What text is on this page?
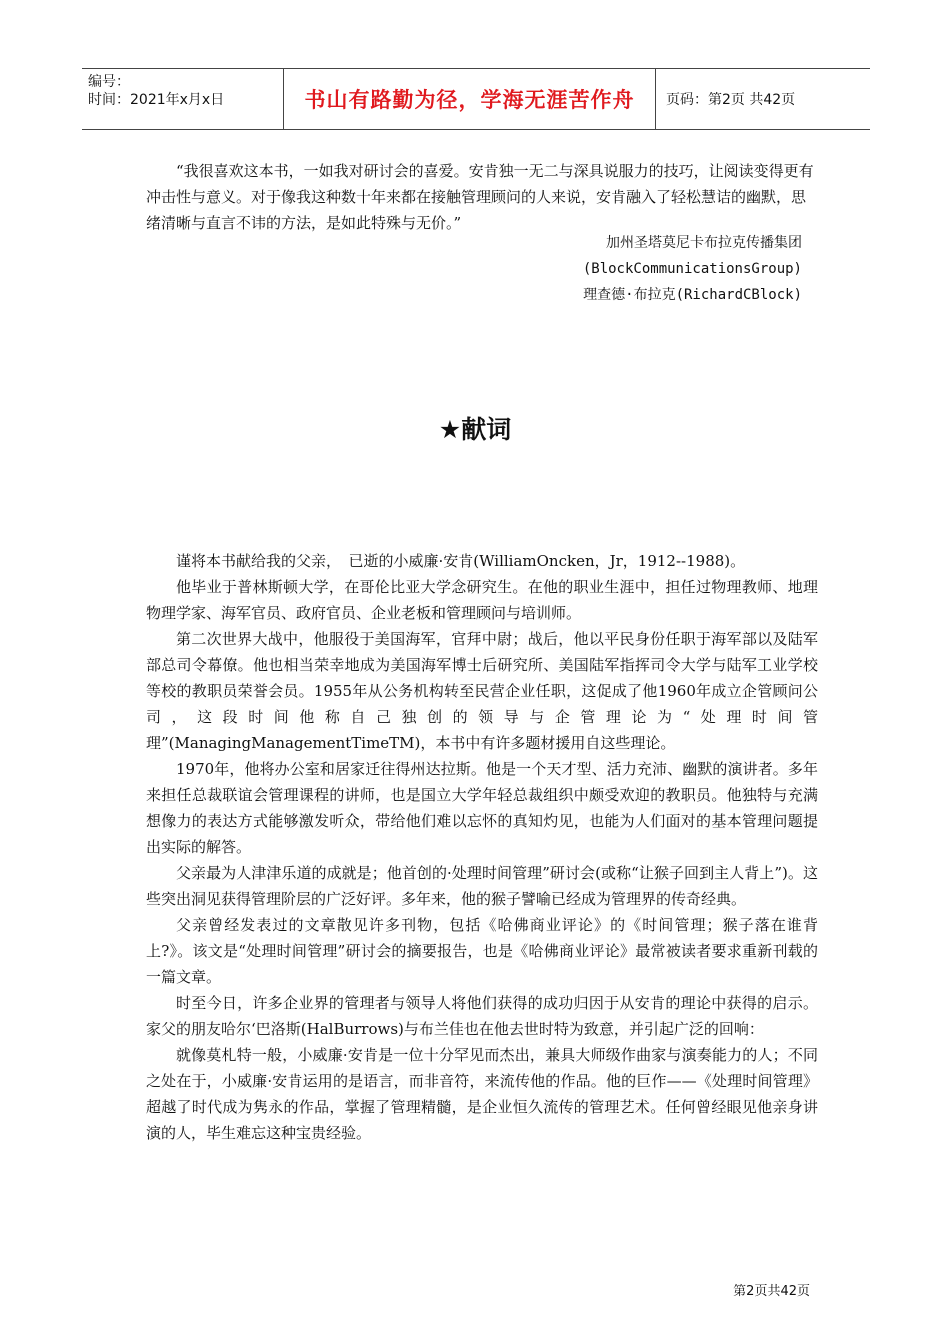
编号：
时间：2021年x月x日	书山有路勤为径，学海无涯苦作舟	页码：第2页 共42页

“我很喜欢这本书，一如我对研讨会的喜爱。安肯独一无二与深具说服力的技巧，让阅读变得更有冲击性与意义。对于像我这种数十年来都在接触管理顾问的人来说，安肯融入了轻松慧诘的幽默，思绪清晰与直言不讳的方法，是如此特殊与无价。”

加州圣塔莫尼卡布拉克传播集团
(BlockCommunicationsGroup)
理查德·布拉克(RichardCBlock)
★献词

谨将本书献给我的父亲，　已逝的小威廉·安肯(WilliamOncken，Jr，1912--1988)。

他毕业于普林斯顿大学，在哥伦比亚大学念研究生。在他的职业生涯中，担任过物理教师、地理物理学家、海军官员、政府官员、企业老板和管理顾问与培训师。

第二次世界大战中，他服役于美国海军，官拜中尉；战后，他以平民身份任职于海军部以及陆军部总司令幕僚。他也相当荣幸地成为美国海军博士后研究所、美国陆军指挥司令大学与陆军工业学校等校的教职员荣誉会员。1955年从公务机构转至民营企业任职，这促成了他1960年成立企管顾问公司，这段时间他称自己独创的领导与企管理论为“处理时间管理”(ManagingManagementTimeTM)，本书中有许多题材援用自这些理论。

1970年，他将办公室和居家迁往得州达拉斯。他是一个天才型、活力充沛、幽默的演讲者。多年来担任总裁联谊会管理课程的讲师，也是国立大学年轻总裁组织中颇受欢迎的教职员。他独特与充满想像力的表达方式能够激发听众，带给他们难以忘怀的真知灼见，也能为人们面对的基本管理问题提出实际的解答。

父亲最为人津津乐道的成就是；他首创的·处理时间管理”研讨会(或称“让猴子回到主人背上”)。这些突出洞见获得管理阶层的广泛好评。多年来，他的猴子譬喻已经成为管理界的传奇经典。

父亲曾经发表过的文章散见许多刊物，包括《哈佛商业评论》的《时间管理；猴子落在谁背上?》。该文是“处理时间管理”研讨会的摘要报告，也是《哈佛商业评论》最常被读者要求重新刊载的一篇文章。

时至今日，许多企业界的管理者与领导人将他们获得的成功归因于从安肯的理论中获得的启示。家父的朋友哈尔‘巴洛斯(HalBurrows)与布兰佳也在他去世时特为致意，并引起广泛的回响：

就像莫札特一般，小威廉·安肯是一位十分罕见而杰出，兼具大师级作曲家与演奏能力的人；不同之处在于，小威廉·安肯运用的是语言，而非音符，来流传他的作品。他的巨作——《处理时间管理》超越了时代成为隽永的作品，掌握了管理精髓，是企业恒久流传的管理艺术。任何曾经眼见他亲身讲演的人，毕生难忘这种宝贵经验。

第2页共42页
